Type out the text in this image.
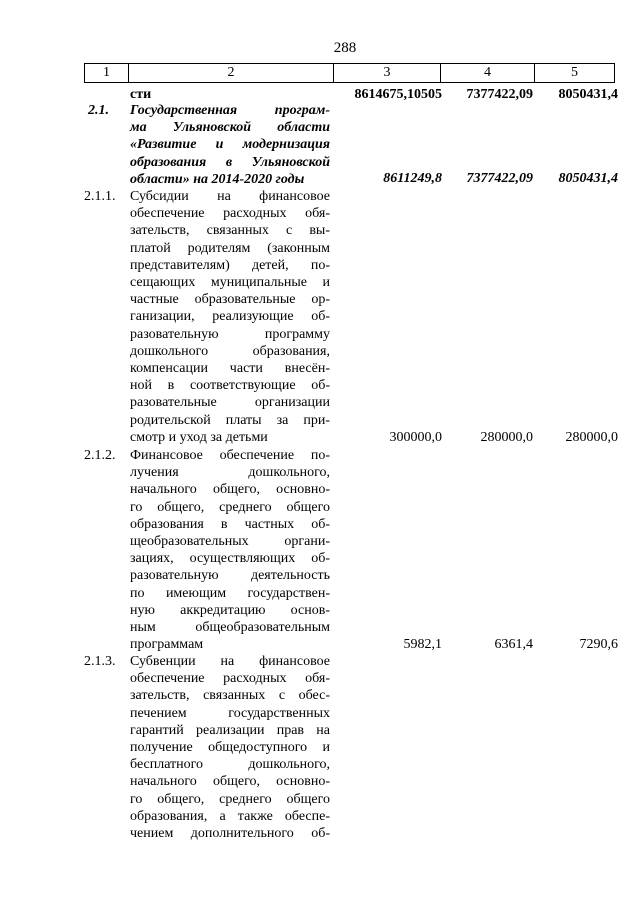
288
1	2	3	4	5
сти	8614675,10505 7377422,09 8050431,4
2.1.	Государственная програм-
ма Ульяновской области
«Развитие и модернизация
образования в Ульяновской
области» на 2014-2020 годы	8611249,8 7377422,09 8050431,4
2.1.1.	Субсидии на финансовое
обеспечение расходных обя-
зательств, связанных с вы-
платой родителям (законным
представителям) детей, по-
сещающих муниципальные и
частные образовательные ор-
ганизации, реализующие об-
разовательную программу
дошкольного образования,
компенсации части внесён-
ной в соответствующие об-
разовательные организации
родительской платы за при-
смотр и уход за детьми	300000,0	280000,0 280000,0
2.1.2.	Финансовое обеспечение по-
лучения дошкольного,
начального общего, основно-
го общего, среднего общего
образования в частных об-
щеобразовательных органи-
зациях, осуществляющих об-
разовательную деятельность
по имеющим государствен-
ную аккредитацию основ-
ным общеобразовательным
программам	5982,1	6361,4	7290,6
2.1.3.	Субвенции на финансовое
обеспечение расходных обя-
зательств, связанных с обес-
печением государственных
гарантий реализации прав на
получение общедоступного и
бесплатного дошкольного,
начального общего, основно-
го общего, среднего общего
образования, а также обеспе-
чением дополнительного об-
